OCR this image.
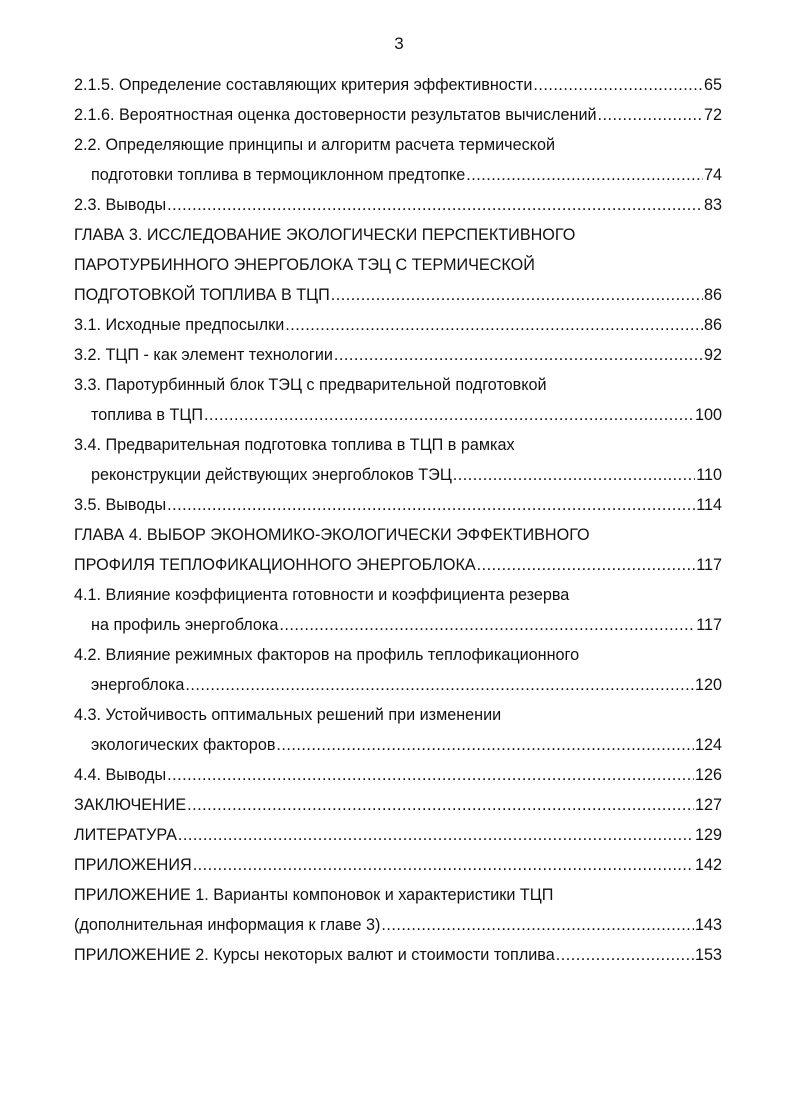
3
2.1.5. Определение составляющих критерия эффективности .....	65
2.1.6. Вероятностная оценка достоверности результатов вычислений .....	72
2.2. Определяющие принципы и алгоритм расчета термической
подготовки топлива в термоциклонном предтопке .....	74
2.3. Выводы .....	83
ГЛАВА 3. ИССЛЕДОВАНИЕ ЭКОЛОГИЧЕСКИ ПЕРСПЕКТИВНОГО
ПАРОТУРБИННОГО ЭНЕРГОБЛОКА ТЭЦ С ТЕРМИЧЕСКОЙ
ПОДГОТОВКОЙ ТОПЛИВА В ТЦП .....	86
3.1. Исходные предпосылки .....	86
3.2. ТЦП - как элемент технологии .....	92
3.3. Паротурбинный блок ТЭЦ с предварительной подготовкой
топлива в ТЦП .....	100
3.4. Предварительная подготовка топлива в ТЦП в рамках
реконструкции действующих энергоблоков ТЭЦ .....	110
3.5. Выводы .....	114
ГЛАВА 4. ВЫБОР ЭКОНОМИКО-ЭКОЛОГИЧЕСКИ ЭФФЕКТИВНОГО
ПРОФИЛЯ ТЕПЛОФИКАЦИОННОГО ЭНЕРГОБЛОКА .....	117
4.1. Влияние коэффициента готовности и коэффициента резерва
на профиль энергоблока .....	117
4.2. Влияние режимных факторов на профиль теплофикационного
энергоблока .....	120
4.3. Устойчивость оптимальных решений при изменении
экологических факторов .....	124
4.4. Выводы .....	126
ЗАКЛЮЧЕНИЕ .....	127
ЛИТЕРАТУРА .....	129
ПРИЛОЖЕНИЯ .....	142
ПРИЛОЖЕНИЕ 1. Варианты компоновок и характеристики ТЦП
(дополнительная информация к главе 3) .....	143
ПРИЛОЖЕНИЕ 2. Курсы некоторых валют и стоимости топлива .....	153
